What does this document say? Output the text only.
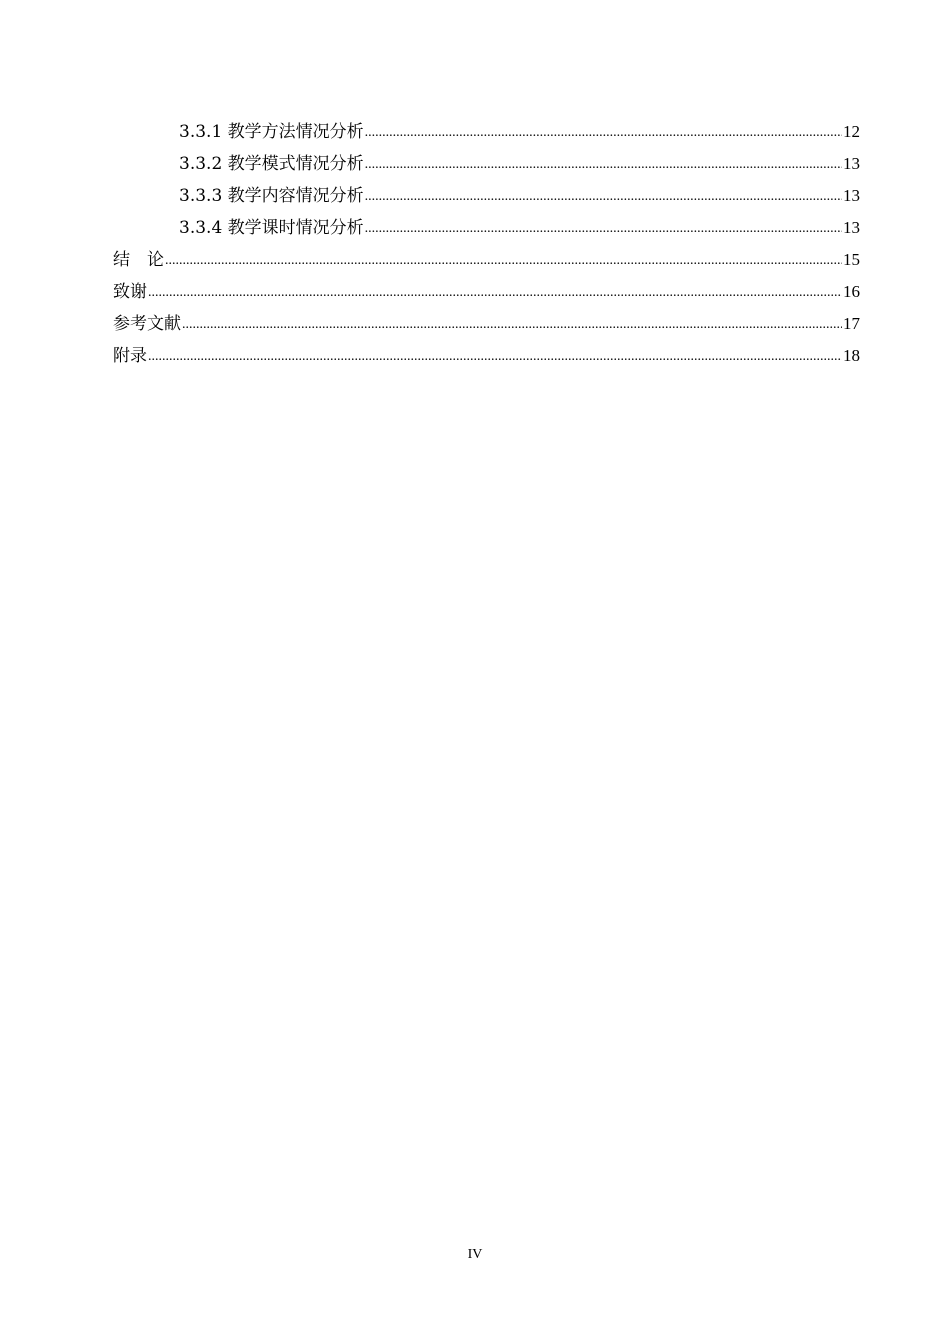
3.3.1 教学方法情况分析 .....	12
3.3.2 教学模式情况分析 .....	13
3.3.3 教学内容情况分析 .....	13
3.3.4 教学课时情况分析 .....	13
结　论 .....	15
致谢 .....	16
参考文献 .....	17
附录 .....	18
IV
